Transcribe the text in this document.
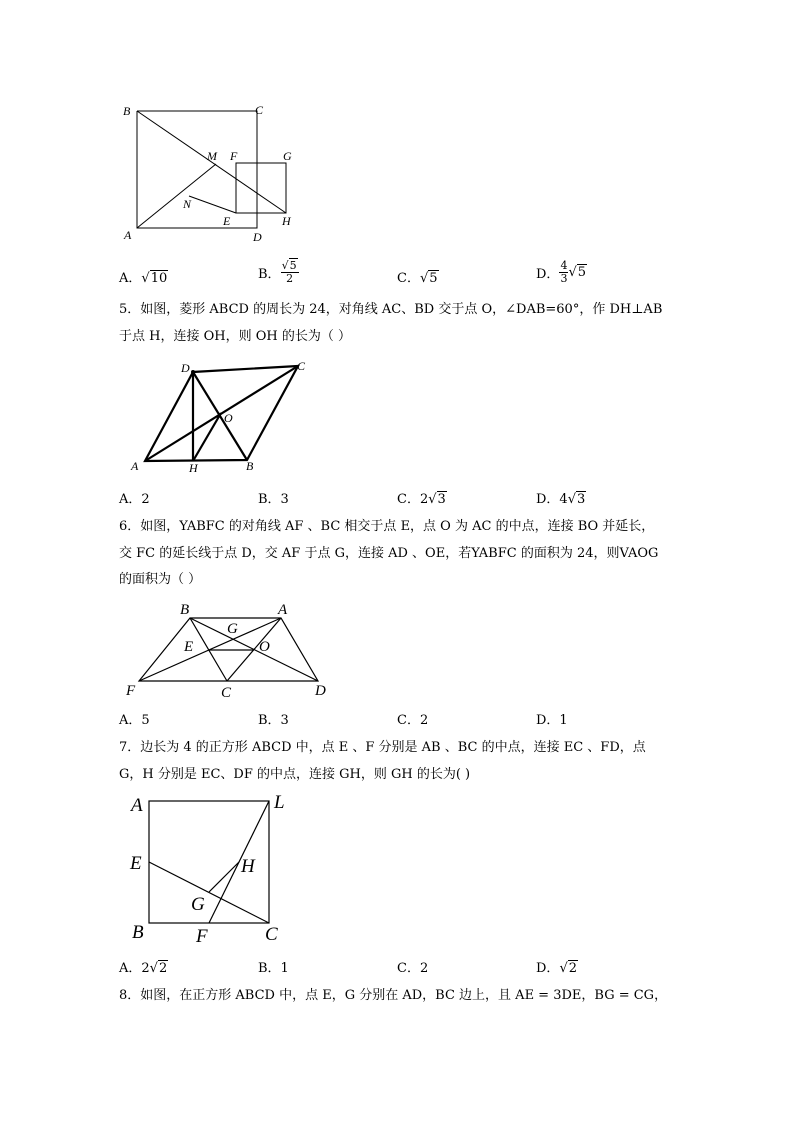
B	C
M F	G
N
E	H
A	D
A．√10	B． $\frac{√5}{2}$	C．√5	D． $\frac{4}{3} √5$
5．如图，菱形 ABCD 的周长为 24，对角线 AC、BD 交于点 O，∠DAB=60°，作 DH⊥AB
于点 H，连接 OH，则 OH 的长为（ ）
D	C
O
A	H	B
A．2	B．3	C．2√3	D．4√3
6．如图，YABFC 的对角线 AF 、BC 相交于点 E，点 O 为 AC 的中点，连接 BO 并延长，
交 FC 的延长线于点 D，交 AF 于点 G，连接 AD 、OE，若YABFC 的面积为 24，则VAOG
的面积为（ ）
B	A
G
E	O
F	C	D
A．5	B．3	C．2	D．1
7．边长为 4 的正方形 ABCD 中，点 E 、F 分别是 AB 、BC 的中点，连接 EC 、FD，点
G，H 分别是 EC、DF 的中点，连接 GH，则 GH 的长为( )
A	L
E	H
G
B	F	C
A．2√2	B．1	C．2	D．√2
8．如图，在正方形 ABCD 中，点 E，G 分别在 AD，BC 边上，且 AE = 3DE，BG = CG，
